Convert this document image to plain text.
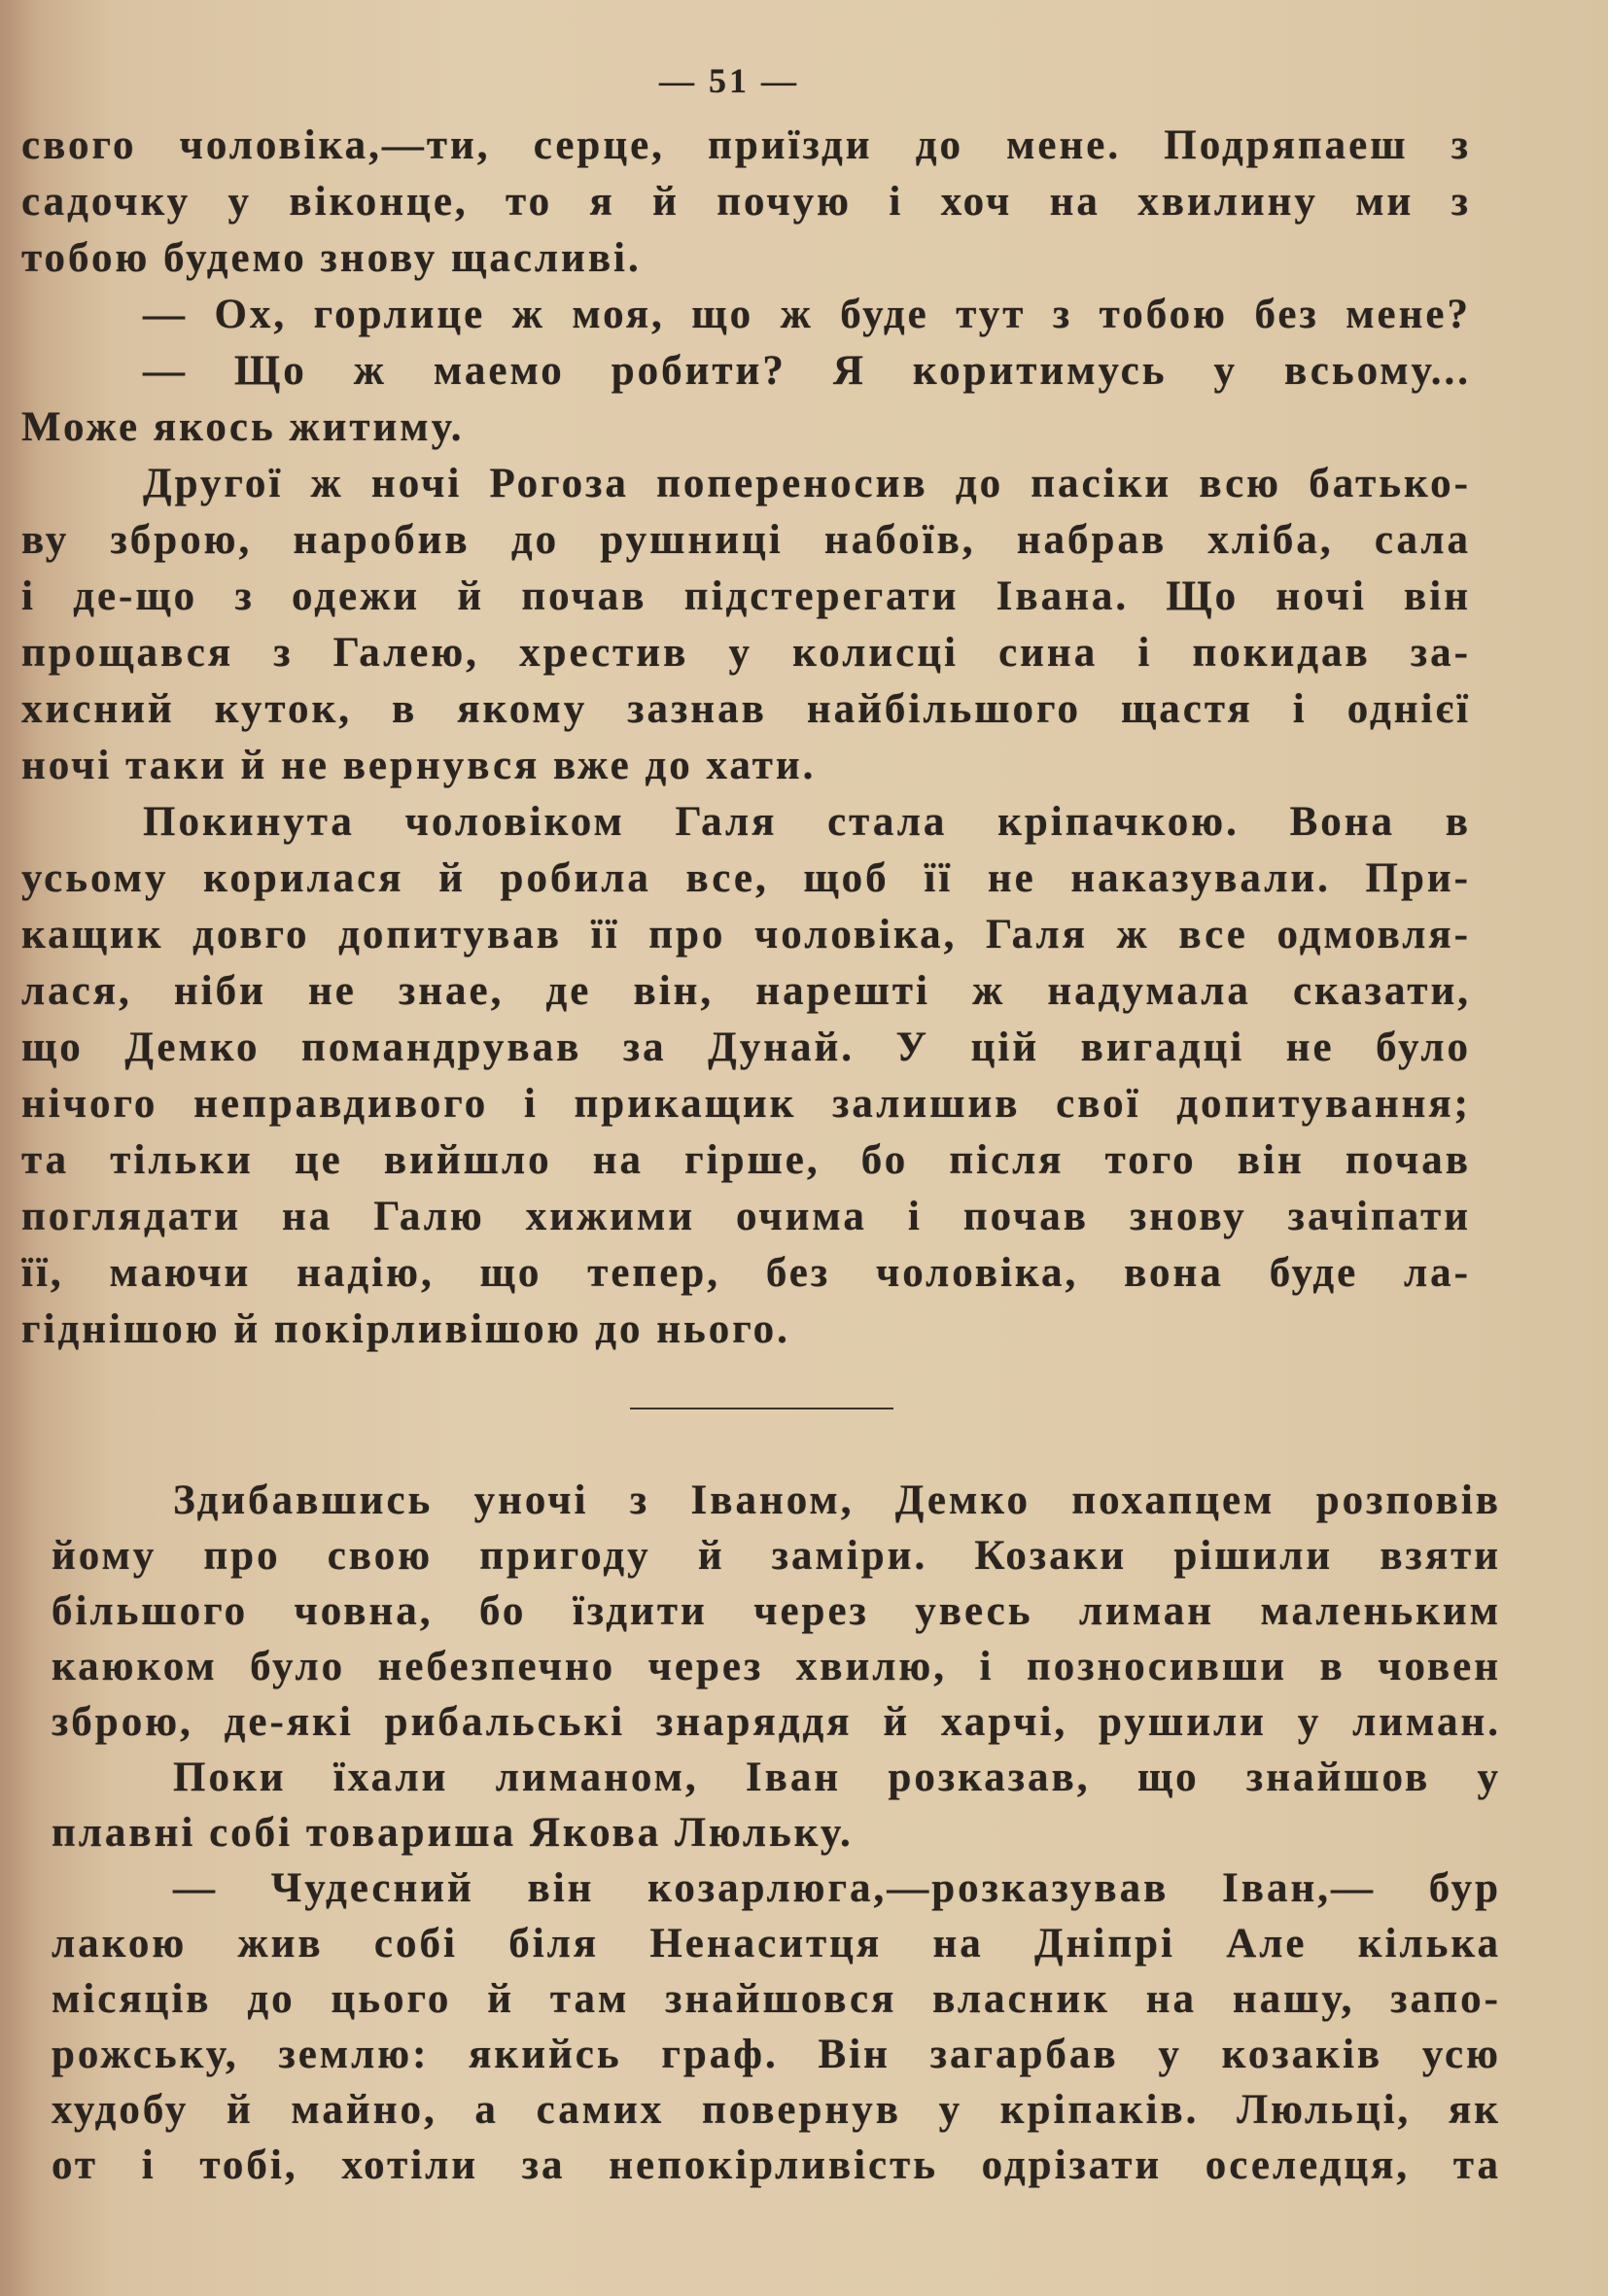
— 51 —
свого чоловіка,—ти, серце, приїзди до мене. Подряпаеш з
садочку у віконце, то я й почую і хоч на хвилину ми з
тобою будемо знову щасливі.
— Ох, горлице ж моя, що ж буде тут з тобою без мене?
— Що ж маемо робити? Я коритимусь у всьому...
Може якось житиму.
Другої ж ночі Рогоза попереносив до пасіки всю батько-
ву зброю, наробив до рушниці набоїв, набрав хліба, сала
і де-що з одежи й почав підстерегати Івана. Що ночі він
прощався з Галею, хрестив у колисці сина і покидав за-
хисний куток, в якому зазнав найбільшого щастя і однієї
ночі таки й не вернувся вже до хати.
Покинута чоловіком Галя стала кріпачкою. Вона в
усьому корилася й робила все, щоб її не наказували. При-
кащик довго допитував її про чоловіка, Галя ж все одмовля-
лася, ніби не знае, де він, нарешті ж надумала сказати,
що Демко помандрував за Дунай. У цій вигадці не було
нічого неправдивого і прикащик залишив свої допитування;
та тільки це вийшло на гірше, бо після того він почав
поглядати на Галю хижими очима і почав знову зачіпати
її, маючи надію, що тепер, без чоловіка, вона буде ла-
гіднішою й покірливішою до нього.
Здибавшись уночі з Іваном, Демко похапцем розповів
йому про свою пригоду й заміри. Козаки рішили взяти
більшого човна, бо їздити через увесь лиман маленьким
каюком було небезпечно через хвилю, і позносивши в човен
зброю, де-які рибальські знаряддя й харчі, рушили у лиман.
Поки їхали лиманом, Іван розказав, що знайшов у
плавні собі товариша Якова Люльку.
— Чудесний він козарлюга,—розказував Іван,— бур
лакою жив собі біля Ненаситця на Дніпрі Але кілька
місяців до цього й там знайшовся власник на нашу, запо-
рожську, землю: якийсь граф. Він загарбав у козаків усю
худобу й майно, а самих повернув у кріпаків. Люльці, як
от і тобі, хотіли за непокірливість одрізати оселедця, та
